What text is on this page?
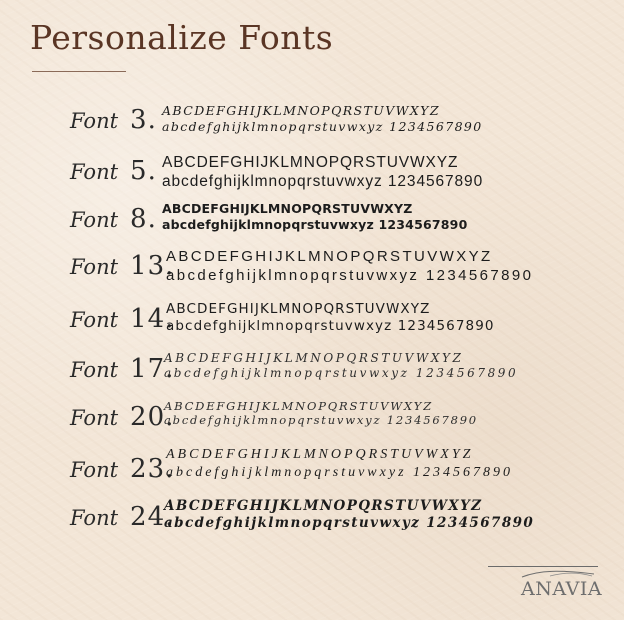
Personalize Fonts
Font 3. ABCDEFGHIJKLMNOPQRSTUVWXYZ
abcdefghijklmnopqrstuvwxyz 1234567890
Font 5. ABCDEFGHIJKLMNOPQRSTUVWXYZ
abcdefghijklmnopqrstuvwxyz 1234567890
Font 8. ABCDEFGHIJKLMNOPQRSTUVWXYZ
abcdefghijklmnopqrstuvwxyz 1234567890
Font 13.
ABCDEFGHIJKLMNOPQRSTUVWXYZ
abcdefghijklmnopqrstuvwxyz 1234567890
Font 14.
ABCDEFGHIJKLMNOPQRSTUVWXYZ
abcdefghijklmnopqrstuvwxyz 1234567890
Font 17.
ABCDEFGHIJKLMNOPQRSTUVWXYZ
abcdefghijklmnopqrstuvwxyz 1234567890
Font 20.
ABCDEFGHIJKLMNOPQRSTUVWXYZ
abcdefghijklmnopqrstuvwxyz 1234567890
Font 23.
ABCDEFGHIJKLMNOPQRSTUVWXYZ
abcdefghijklmnopqrstuvwxyz 1234567890
Font 24.
ABCDEFGHIJKLMNOPQRSTUVWXYZ
abcdefghijklmnopqrstuvwxyz 1234567890
ANAVIA
